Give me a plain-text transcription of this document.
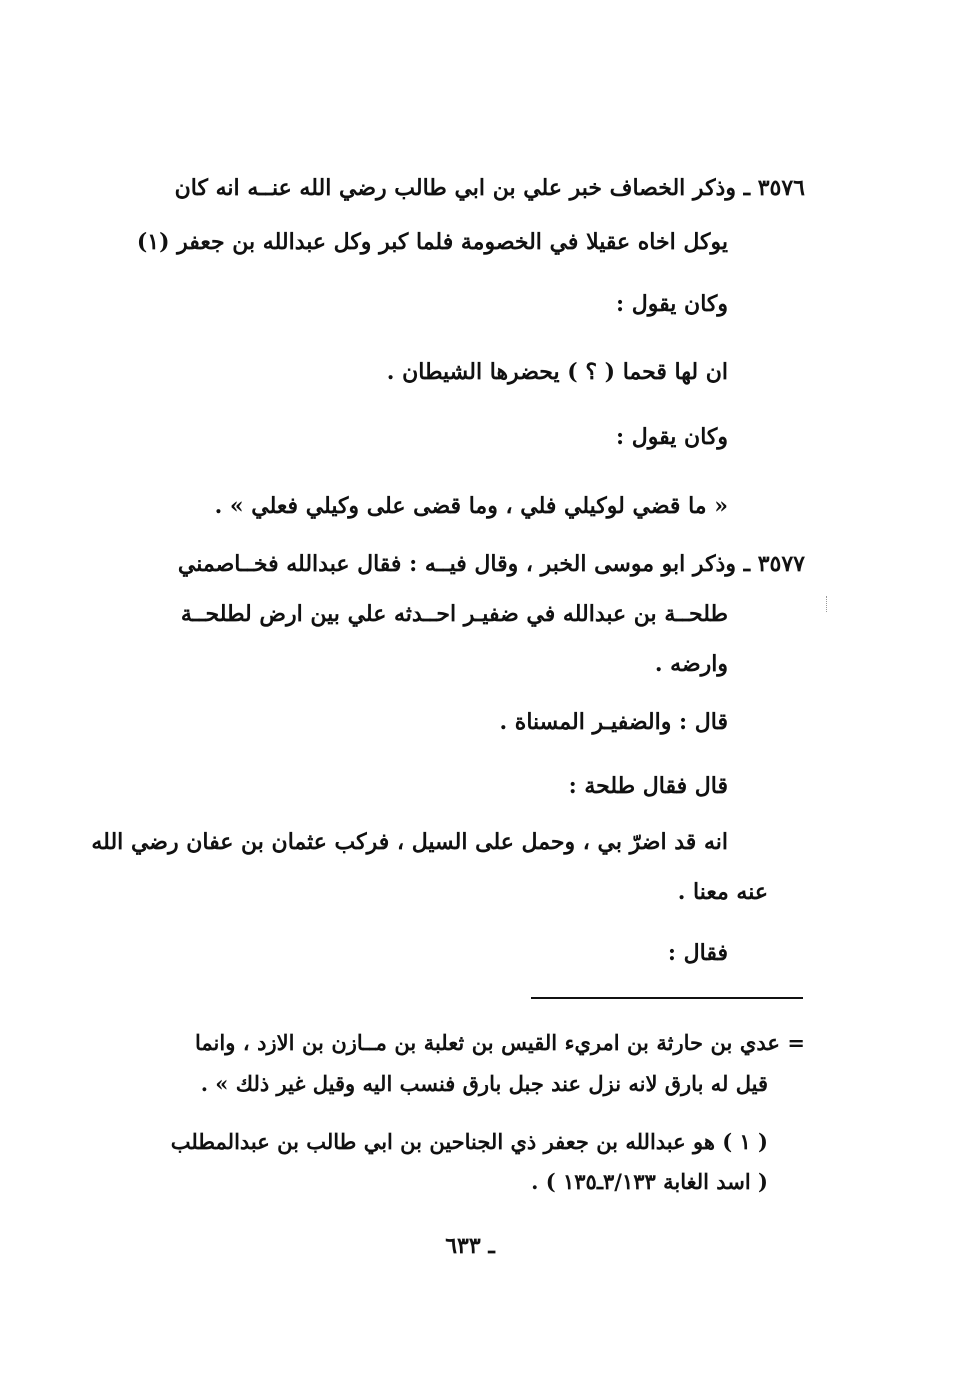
٣٥٧٦ ـ وذكر الخصاف خبر علي بن ابي طالب رضي الله عنــه انه كان
يوكل اخاه عقيلا في الخصومة فلما كبر وكل عبدالله بن جعفر (١)
وكان يقول :
ان لها قحما ( ؟ ) يحضرها الشيطان .
وكان يقول :
« ما قضي لوكيلي فلي ، وما قضى على وكيلي فعلي » .
٣٥٧٧ ـ وذكر ابو موسى الخبر ، وقال فيــه : فقال عبدالله فخــاصمني
طلحــة بن عبدالله في ضفيـر احــدثه علي بين ارض لطلحــة
وارضه .
قال : والضفيـر المسناة .
قال فقال طلحة :
انه قد اضرّ بي ، وحمل على السيل ، فركب عثمان بن عفان رضي الله
عنه معنا .
فقال :
= عدي بن حارثة بن امريء القيس بن ثعلبة بن مــازن بن الازد ، وانما
قيل له بارق لانه نزل عند جبل بارق فنسب اليه وقيل غير ذلك » .
( ١ ) هو عبدالله بن جعفر ذي الجناحين بن ابي طالب بن عبدالمطلب
( اسد الغابة ٣/١٣٣ـ١٣٥ ) .
ـ ٦٣٣
